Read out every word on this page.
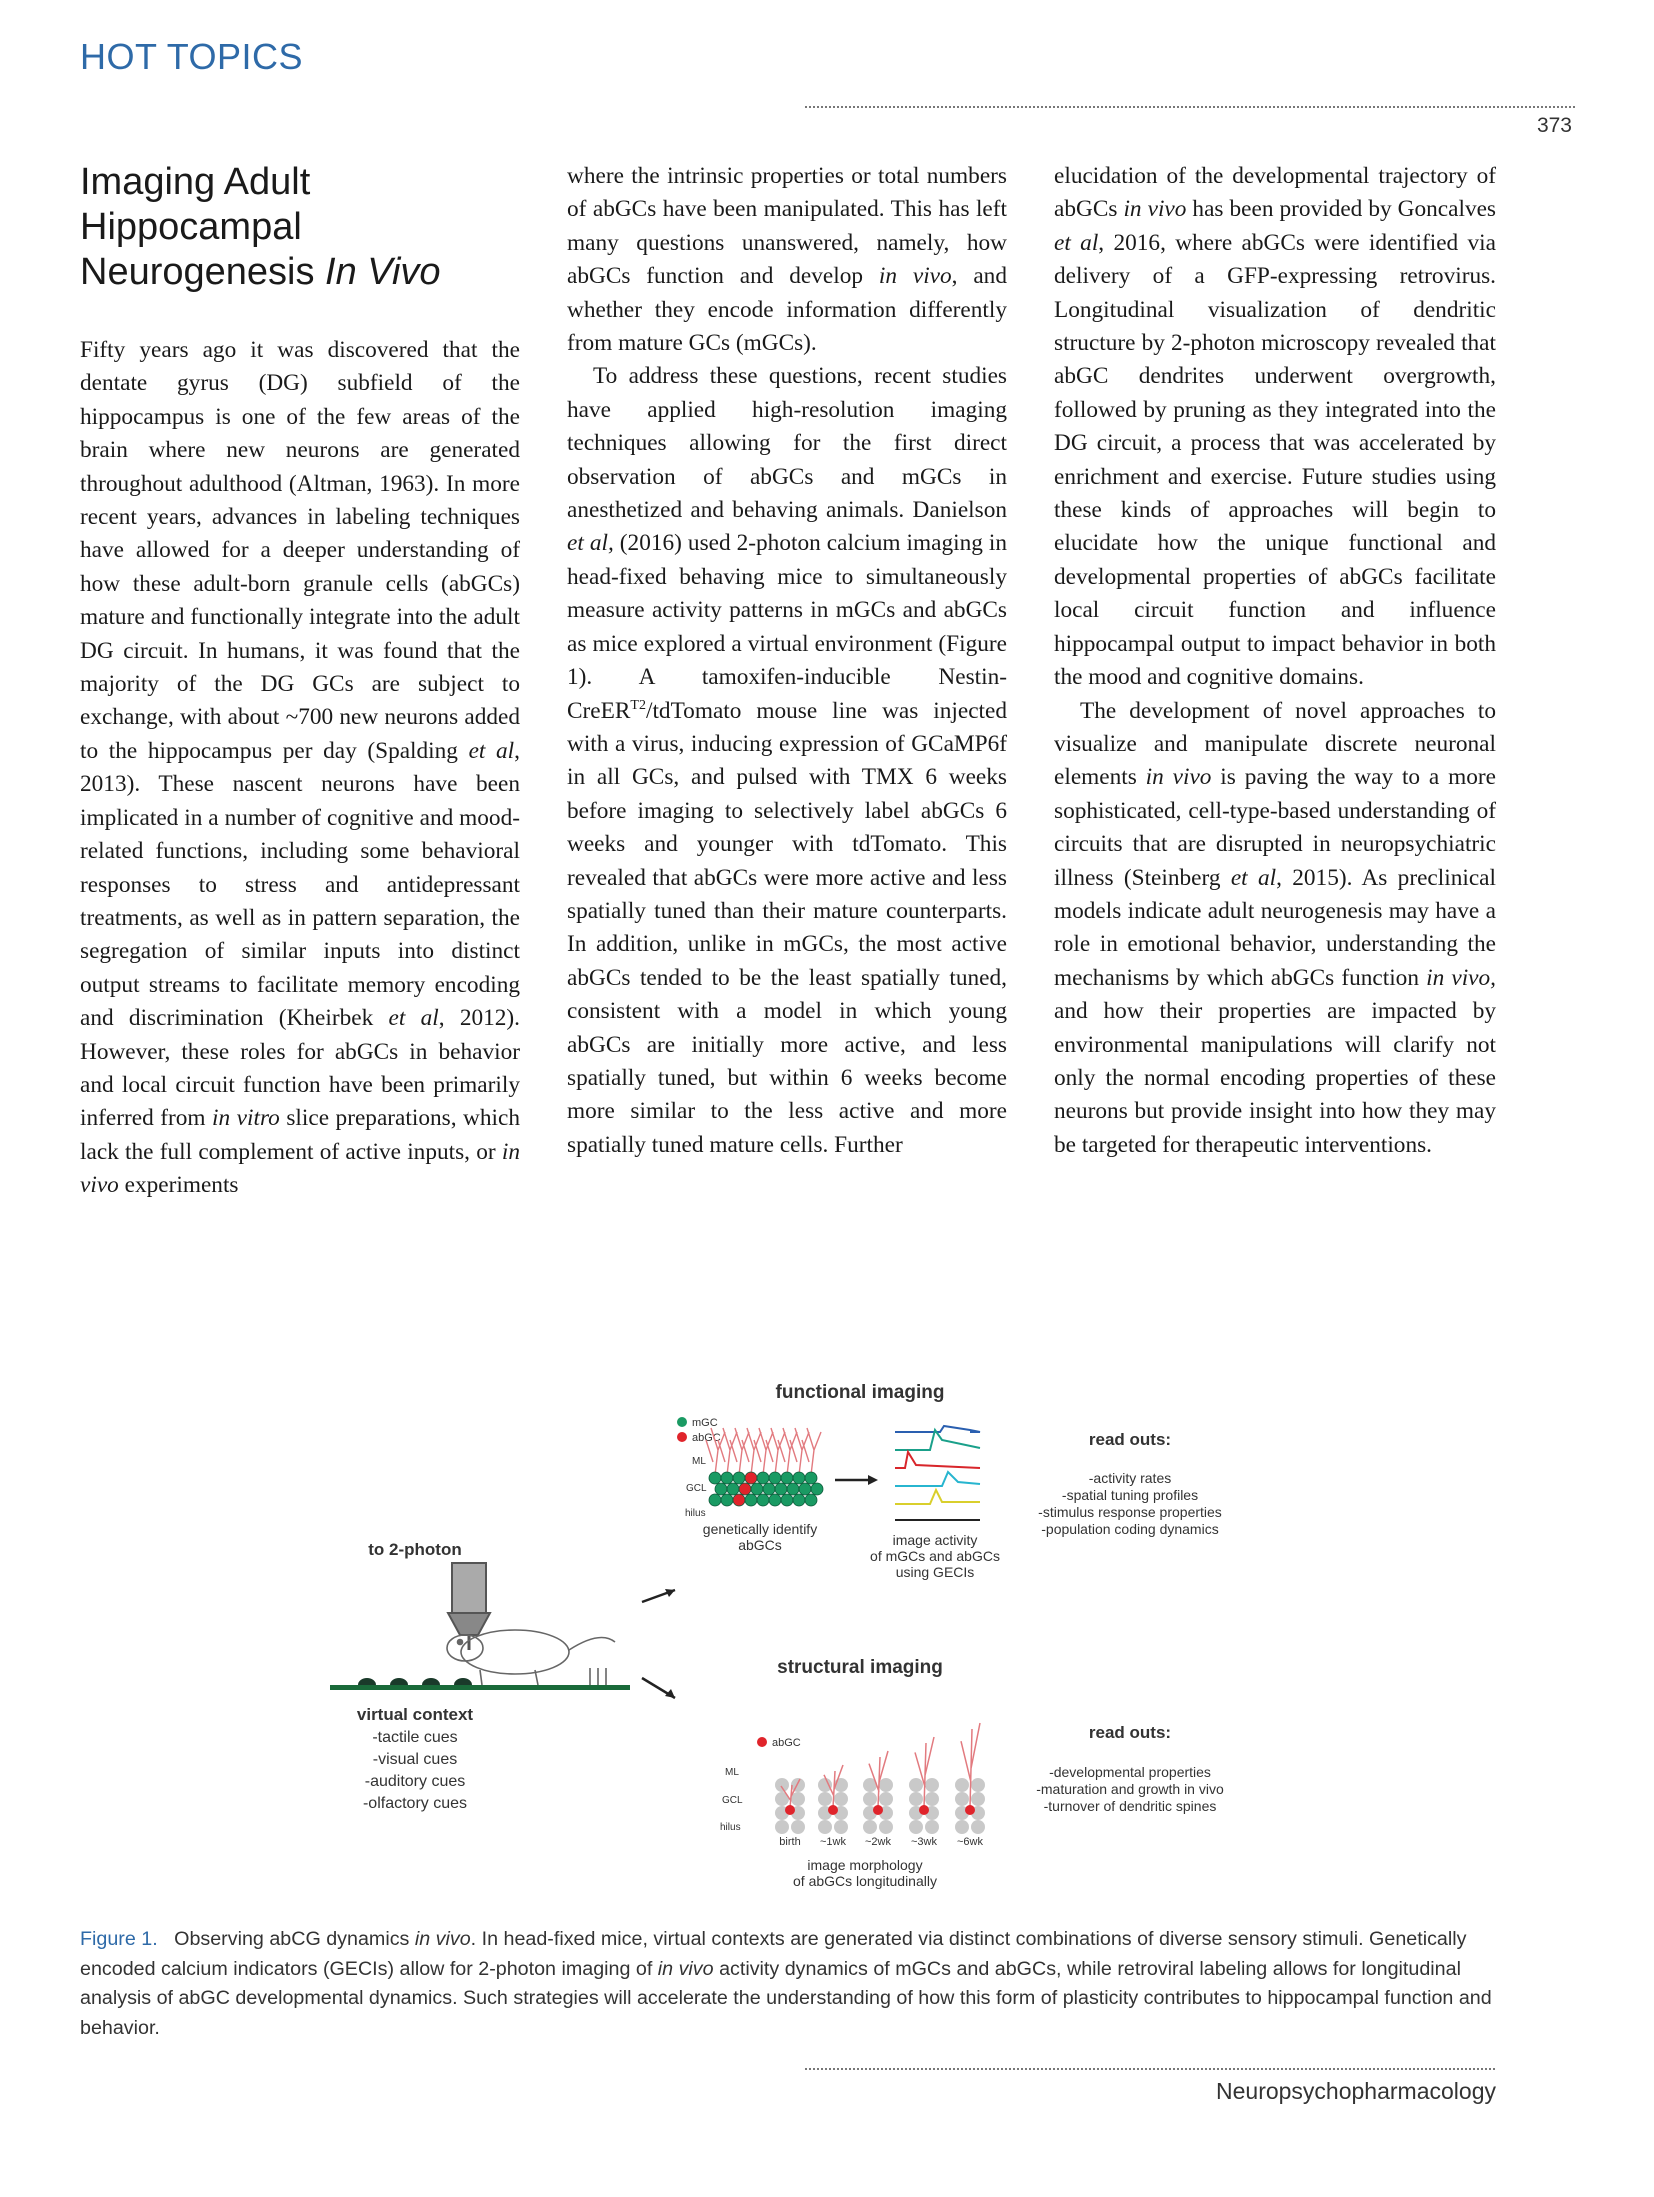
HOT TOPICS
373
Imaging Adult
Hippocampal
Neurogenesis In Vivo

Fifty years ago it was discovered that the dentate gyrus (DG) subfield of the hippocampus is one of the few areas of the brain where new neurons are generated throughout adulthood (Altman, 1963). In more recent years, advances in labeling techniques have allowed for a deeper understanding of how these adult-born granule cells (abGCs) mature and functionally integrate into the adult DG circuit. In humans, it was found that the majority of the DG GCs are subject to exchange, with about ~700 new neurons added to the hippocampus per day (Spalding et al, 2013). These nascent neurons have been implicated in a number of cognitive and mood-related functions, including some behavioral responses to stress and antidepressant treatments, as well as in pattern separation, the segregation of similar inputs into distinct output streams to facilitate memory encoding and discrimination (Kheirbek et al, 2012). However, these roles for abGCs in behavior and local circuit function have been primarily inferred from in vitro slice preparations, which lack the full complement of active inputs, or in vivo experiments

where the intrinsic properties or total numbers of abGCs have been manipulated. This has left many questions unanswered, namely, how abGCs function and develop in vivo, and whether they encode information differently from mature GCs (mGCs).

To address these questions, recent studies have applied high-resolution imaging techniques allowing for the first direct observation of abGCs and mGCs in anesthetized and behaving animals. Danielson et al, (2016) used 2-photon calcium imaging in head-fixed behaving mice to simultaneously measure activity patterns in mGCs and abGCs as mice explored a virtual environment (Figure 1). A tamoxifen-inducible Nestin-CreER$^{T2}$/tdTomato mouse line was injected with a virus, inducing expression of GCaMP6f in all GCs, and pulsed with TMX 6 weeks before imaging to selectively label abGCs 6 weeks and younger with tdTomato. This revealed that abGCs were more active and less spatially tuned than their mature counterparts. In addition, unlike in mGCs, the most active abGCs tended to be the least spatially tuned, consistent with a model in which young abGCs are initially more active, and less spatially tuned, but within 6 weeks become more similar to the less active and more spatially tuned mature cells. Further

elucidation of the developmental trajectory of abGCs in vivo has been provided by Goncalves et al, 2016, where abGCs were identified via delivery of a GFP-expressing retrovirus. Longitudinal visualization of dendritic structure by 2-photon microscopy revealed that abGC dendrites underwent overgrowth, followed by pruning as they integrated into the DG circuit, a process that was accelerated by enrichment and exercise. Future studies using these kinds of approaches will begin to elucidate how the unique functional and developmental properties of abGCs facilitate local circuit function and influence hippocampal output to impact behavior in both the mood and cognitive domains.

The development of novel approaches to visualize and manipulate discrete neuronal elements in vivo is paving the way to a more sophisticated, cell-type-based understanding of circuits that are disrupted in neuropsychiatric illness (Steinberg et al, 2015). As preclinical models indicate adult neurogenesis may have a role in emotional behavior, understanding the mechanisms by which abGCs function in vivo, and how their properties are impacted by environmental manipulations will clarify not only the normal encoding properties of these neurons but provide insight into how they may be targeted for therapeutic interventions.

functional imaging
structural imaging
to 2-photon
virtual context
-tactile cues
-visual cues
-auditory cues
-olfactory cues
mGC
abGC
ML
GCL
hilus
genetically identify
abGCs	image activity
of mGCs and abGCs
using GECIs
read outs:
-activity rates
-spatial tuning profiles
-stimulus response properties
-population coding dynamics
abGC
ML
GCL
hilus
birth ~1wk ~2wk ~3wk ~6wk
image morphology
of abGCs longitudinally
read outs:
-developmental properties
-maturation and growth in vivo
-turnover of dendritic spines
Figure 1. Observing abCG dynamics in vivo. In head-fixed mice, virtual contexts are generated via distinct combinations of diverse sensory stimuli. Genetically encoded calcium indicators (GECIs) allow for 2-photon imaging of in vivo activity dynamics of mGCs and abGCs, while retroviral labeling allows for longitudinal analysis of abGC developmental dynamics. Such strategies will accelerate the understanding of how this form of plasticity contributes to hippocampal function and behavior.
Neuropsychopharmacology
